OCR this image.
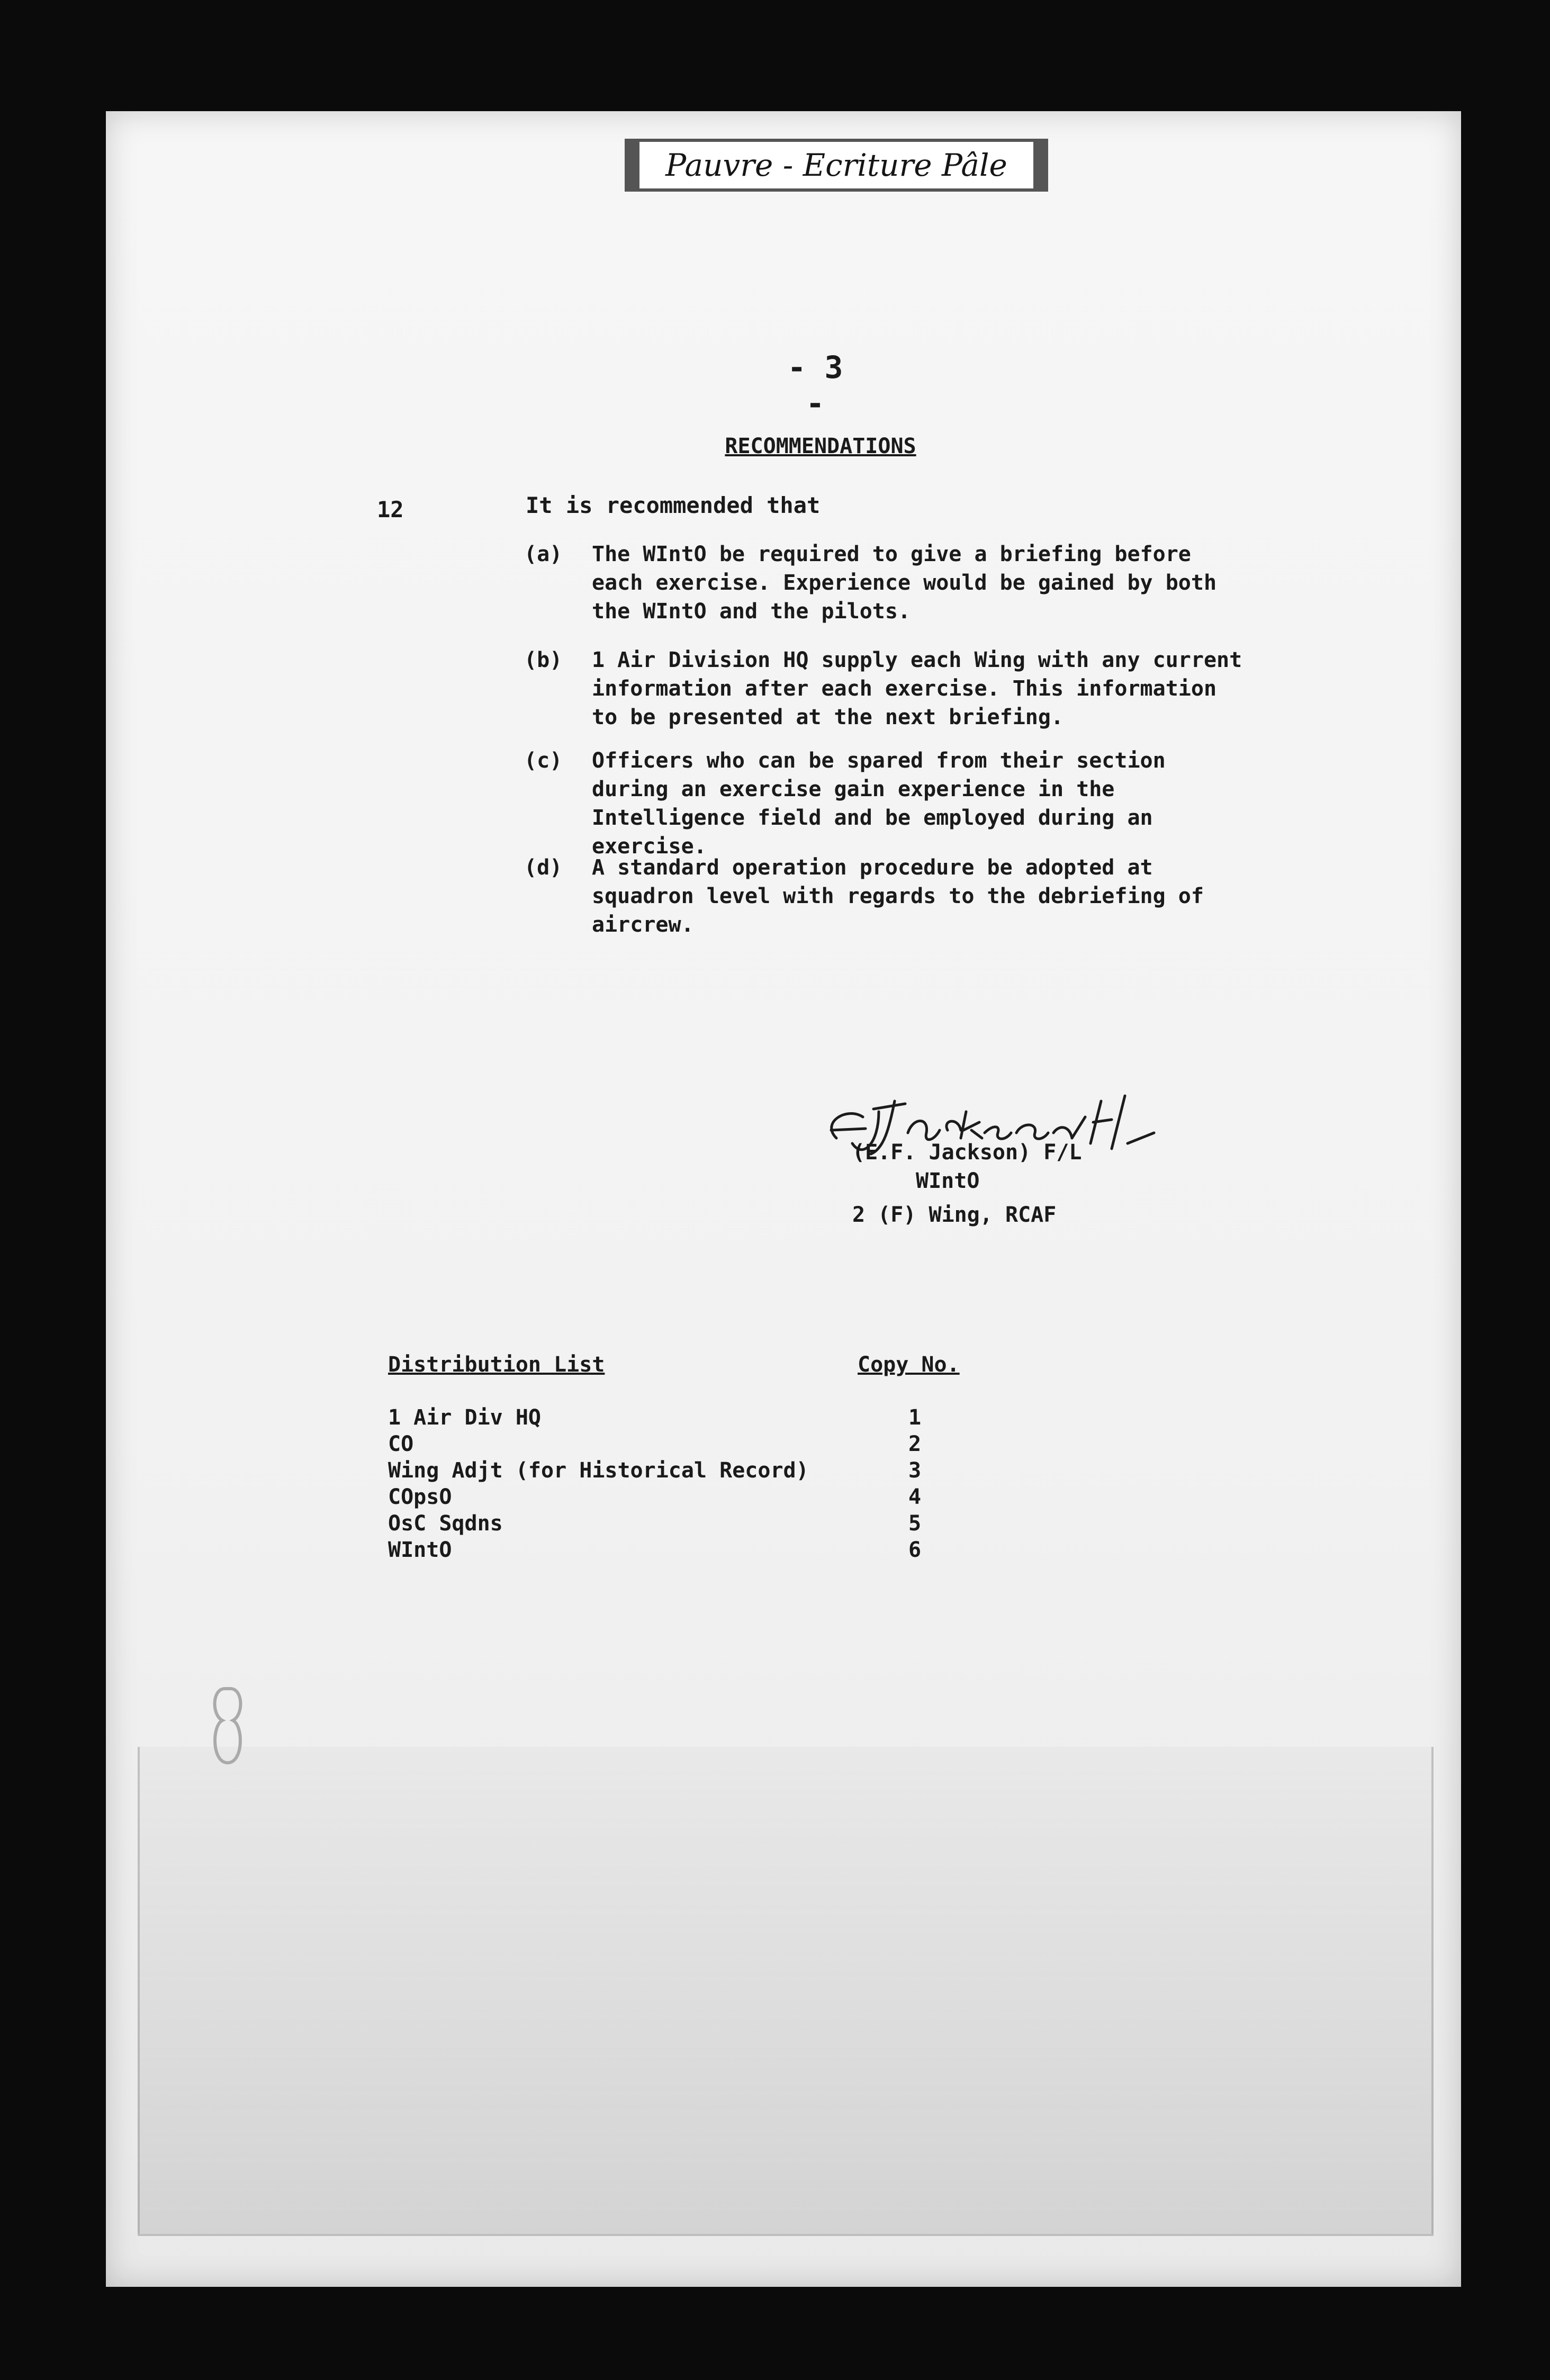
Pauvre - Ecriture Pâle
- 3 -
RECOMMENDATIONS
12	It is recommended that
(a)	The WIntO be required to give a briefing before each exercise. Experience would be gained by both the WIntO and the pilots.
(b)	1 Air Division HQ supply each Wing with any current information after each exercise. This information to be presented at the next briefing.
(c)	Officers who can be spared from their section during an exercise gain experience in the Intelligence field and be employed during an exercise.
(d)	A standard operation procedure be adopted at squadron level with regards to the debriefing of aircrew.
(E.F. Jackson) F/L
WIntO
2 (F) Wing, RCAF
Distribution List	Copy No.
1 Air Div HQ	1
CO	2
Wing Adjt (for Historical Record)	3
COpsO	4
OsC Sqdns	5
WIntO	6
